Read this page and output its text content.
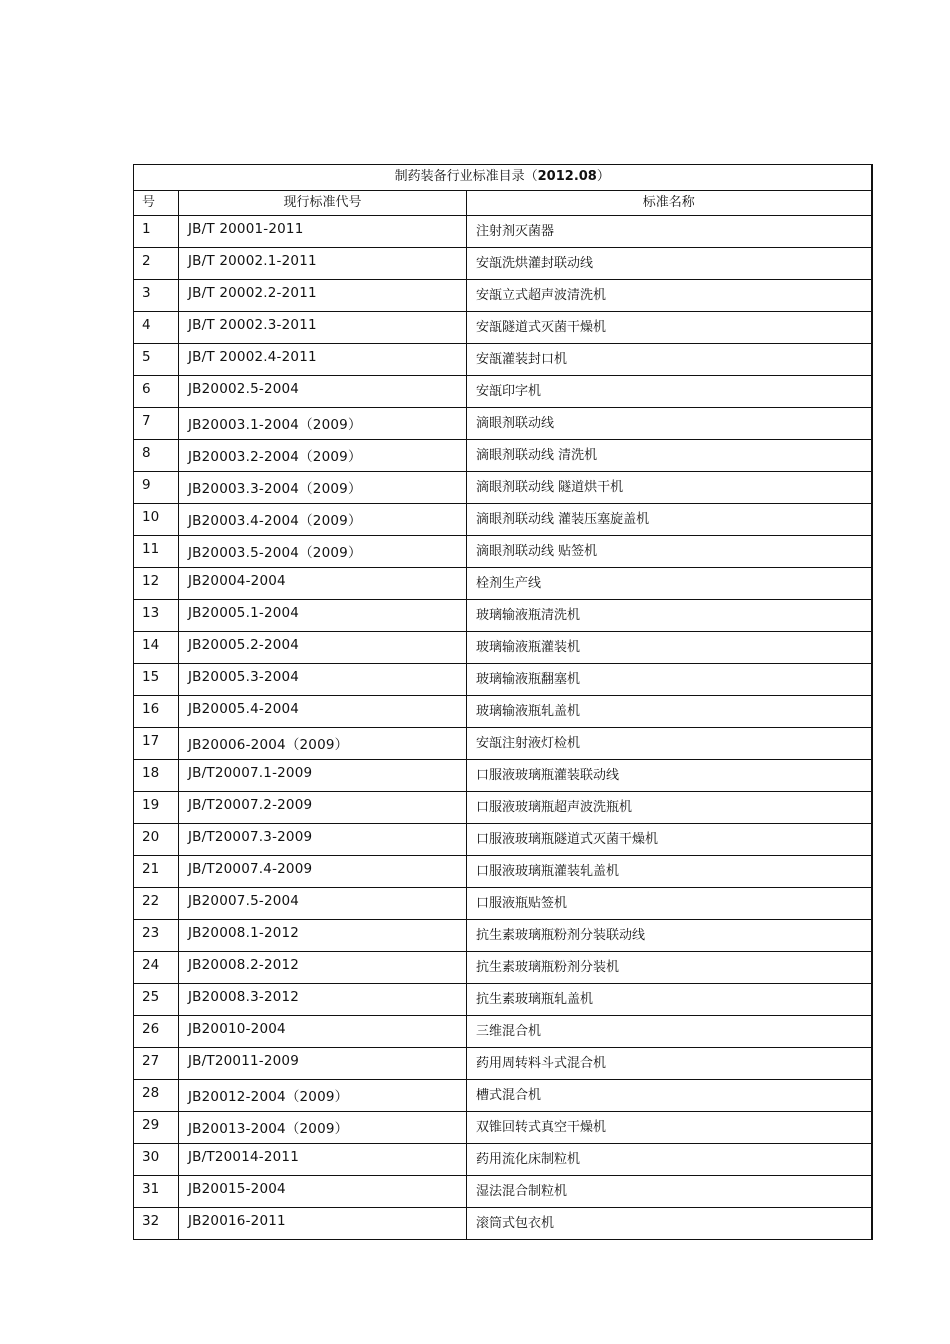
制药装备行业标准目录（2012.08）		
号	现行标准代号	标准名称
1	JB/T 20001-2011	注射剂灭菌器
2	JB/T 20002.1-2011	安瓿洗烘灌封联动线
3	JB/T 20002.2-2011	安瓿立式超声波清洗机
4	JB/T 20002.3-2011	安瓿隧道式灭菌干燥机
5	JB/T 20002.4-2011	安瓿灌装封口机
6	JB20002.5-2004	安瓿印字机
7	JB20003.1-2004（2009）	滴眼剂联动线
8	JB20003.2-2004（2009）	滴眼剂联动线 清洗机
9	JB20003.3-2004（2009）	滴眼剂联动线 隧道烘干机
10	JB20003.4-2004（2009）	滴眼剂联动线 灌装压塞旋盖机
11	JB20003.5-2004（2009）	滴眼剂联动线 贴签机
12	JB20004-2004	栓剂生产线
13	JB20005.1-2004	玻璃输液瓶清洗机
14	JB20005.2-2004	玻璃输液瓶灌装机
15	JB20005.3-2004	玻璃输液瓶翻塞机
16	JB20005.4-2004	玻璃输液瓶轧盖机
17	JB20006-2004（2009）	安瓿注射液灯检机
18	JB/T20007.1-2009	口服液玻璃瓶灌装联动线
19	JB/T20007.2-2009	口服液玻璃瓶超声波洗瓶机
20	JB/T20007.3-2009	口服液玻璃瓶隧道式灭菌干燥机
21	JB/T20007.4-2009	口服液玻璃瓶灌装轧盖机
22	JB20007.5-2004	口服液瓶贴签机
23	JB20008.1-2012	抗生素玻璃瓶粉剂分装联动线
24	JB20008.2-2012	抗生素玻璃瓶粉剂分装机
25	JB20008.3-2012	抗生素玻璃瓶轧盖机
26	JB20010-2004	三维混合机
27	JB/T20011-2009	药用周转料斗式混合机
28	JB20012-2004（2009）	槽式混合机
29	JB20013-2004（2009）	双锥回转式真空干燥机
30	JB/T20014-2011	药用流化床制粒机
31	JB20015-2004	湿法混合制粒机
32	JB20016-2011	滚筒式包衣机
